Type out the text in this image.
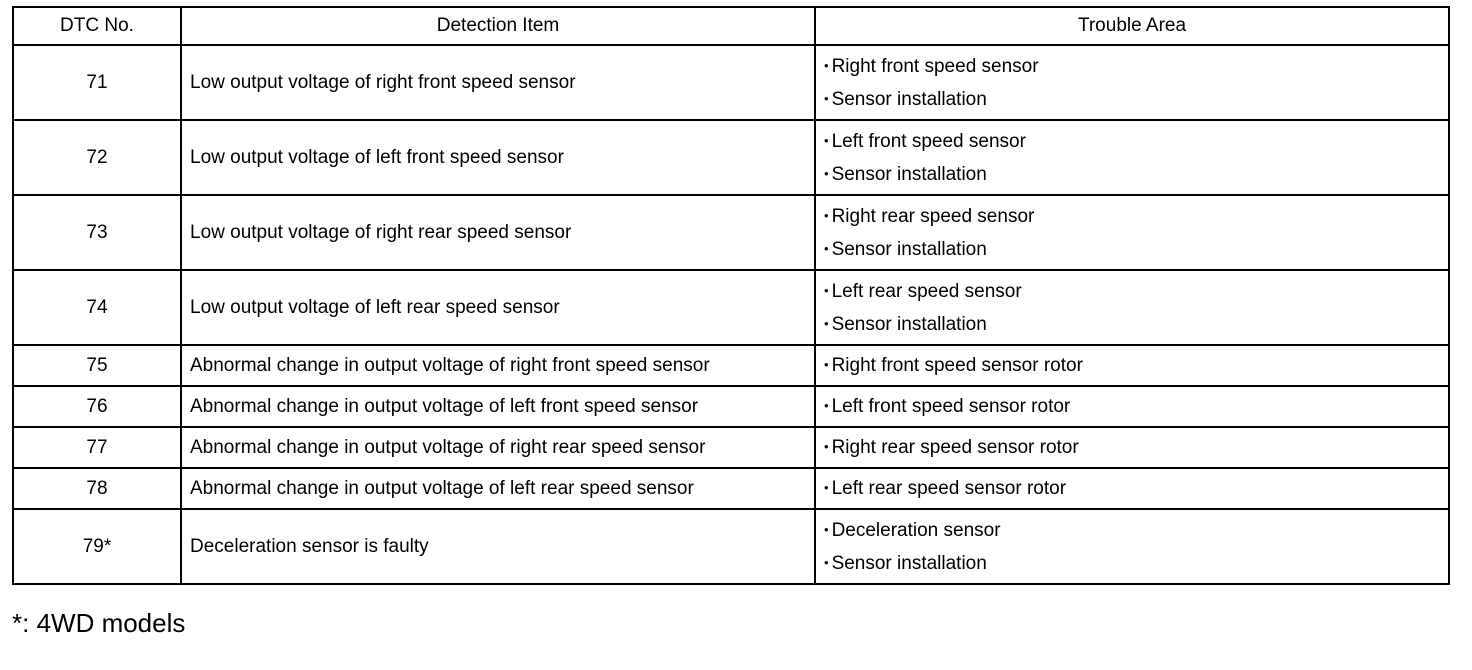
DTC No.	Detection Item	Trouble Area
71	Low output voltage of right front speed sensor	• Right front speed sensor
• Sensor installation

72	Low output voltage of left front speed sensor	• Left front speed sensor
• Sensor installation

73	Low output voltage of right rear speed sensor	• Right rear speed sensor
• Sensor installation

74	Low output voltage of left rear speed sensor	• Left rear speed sensor
• Sensor installation

75	Abnormal change in output voltage of right front speed sensor	• Right front speed sensor rotor

76	Abnormal change in output voltage of left front speed sensor	• Left front speed sensor rotor

77	Abnormal change in output voltage of right rear speed sensor	• Right rear speed sensor rotor

78	Abnormal change in output voltage of left rear speed sensor	• Left rear speed sensor rotor

79*	Deceleration sensor is faulty	• Deceleration sensor
• Sensor installation
*: 4WD models
